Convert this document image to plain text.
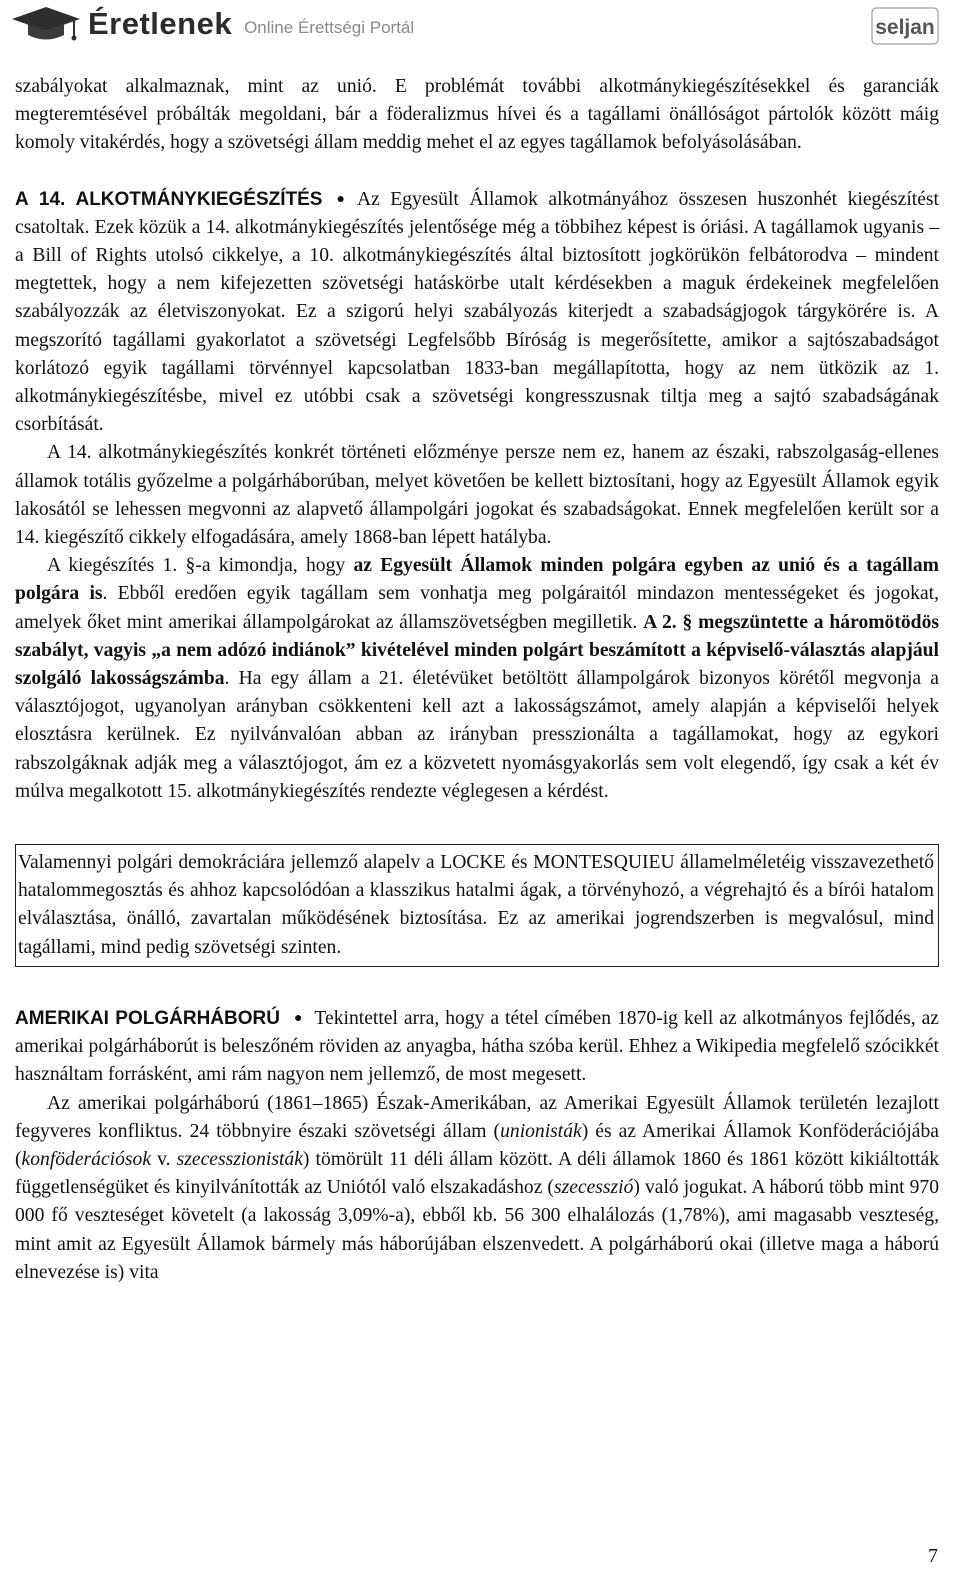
Éretlenek Online Érettségi Portál	seljan

szabályokat alkalmaznak, mint az unió. E problémát további alkotmánykiegészítésekkel és garanciák megteremtésével próbálták megoldani, bár a föderalizmus hívei és a tagállami önállóságot pártolók között máig komoly vitakérdés, hogy a szövetségi állam meddig mehet el az egyes tagállamok befolyásolásában.

A 14. ALKOTMÁNYKIEGÉSZÍTÉS ● Az Egyesült Államok alkotmányához összesen huszonhét kiegészítést csatoltak. Ezek közük a 14. alkotmánykiegészítés jelentősége még a többihez képest is óriási. A tagállamok ugyanis – a Bill of Rights utolsó cikkelye, a 10. alkotmánykiegészítés által biztosított jogkörükön felbátorodva – mindent megtettek, hogy a nem kifejezetten szövetségi hatáskörbe utalt kérdésekben a maguk érdekeinek megfelelően szabályozzák az életviszonyokat. Ez a szigorú helyi szabályozás kiterjedt a szabadságjogok tárgykörére is. A megszorító tagállami gyakorlatot a szövetségi Legfelsőbb Bíróság is megerősítette, amikor a sajtószabadságot korlátozó egyik tagállami törvénnyel kapcsolatban 1833-ban megállapította, hogy az nem ütközik az 1. alkotmánykiegészítésbe, mivel ez utóbbi csak a szövetségi kongresszusnak tiltja meg a sajtó szabadságának csorbítását.

A 14. alkotmánykiegészítés konkrét történeti előzménye persze nem ez, hanem az északi, rabszolgaság-ellenes államok totális győzelme a polgárháborúban, melyet követően be kellett biztosítani, hogy az Egyesült Államok egyik lakosától se lehessen megvonni az alapvető állampolgári jogokat és szabadságokat. Ennek megfelelően került sor a 14. kiegészítő cikkely elfogadására, amely 1868-ban lépett hatályba.

A kiegészítés 1. §-a kimondja, hogy az Egyesült Államok minden polgára egyben az unió és a tagállam polgára is. Ebből eredően egyik tagállam sem vonhatja meg polgáraitól mindazon mentességeket és jogokat, amelyek őket mint amerikai állampolgárokat az államszövetségben megilletik. A 2. § megszüntette a háromötödös szabályt, vagyis „a nem adózó indiánok” kivételével minden polgárt beszámított a képviselő-választás alapjául szolgáló lakosságszámba. Ha egy állam a 21. életévüket betöltött állampolgárok bizonyos körétől megvonja a választójogot, ugyanolyan arányban csökkenteni kell azt a lakosságszámot, amely alapján a képviselői helyek elosztásra kerülnek. Ez nyilvánvalóan abban az irányban presszionálta a tagállamokat, hogy az egykori rabszolgáknak adják meg a választójogot, ám ez a közvetett nyomásgyakorlás sem volt elegendő, így csak a két év múlva megalkotott 15. alkotmánykiegészítés rendezte véglegesen a kérdést.

Valamennyi polgári demokráciára jellemző alapelv a LOCKE és MONTESQUIEU államelméletéig visszavezethető hatalommegosztás és ahhoz kapcsolódóan a klasszikus hatalmi ágak, a törvényhozó, a végrehajtó és a bírói hatalom elválasztása, önálló, zavartalan működésének biztosítása. Ez az amerikai jogrendszerben is megvalósul, mind tagállami, mind pedig szövetségi szinten.

AMERIKAI POLGÁRHÁBORÚ ● Tekintettel arra, hogy a tétel címében 1870-ig kell az alkotmányos fejlődés, az amerikai polgárháborút is beleszőném röviden az anyagba, hátha szóba kerül. Ehhez a Wikipedia megfelelő szócikkét használtam forrásként, ami rám nagyon nem jellemző, de most megesett.

Az amerikai polgárháború (1861–1865) Észak-Amerikában, az Amerikai Egyesült Államok területén lezajlott fegyveres konfliktus. 24 többnyire északi szövetségi állam (unionisták) és az Amerikai Államok Konföderációjába (konföderációsok v. szecesszionisták) tömörült 11 déli állam között. A déli államok 1860 és 1861 között kikiáltották függetlenségüket és kinyilvánították az Uniótól való elszakadáshoz (szecesszió) való jogukat. A háború több mint 970 000 fő veszteséget követelt (a lakosság 3,09%-a), ebből kb. 56 300 elhalálozás (1,78%), ami magasabb veszteség, mint amit az Egyesült Államok bármely más háborújában elszenvedett. A polgárháború okai (illetve maga a háború elnevezése is) vita

7
